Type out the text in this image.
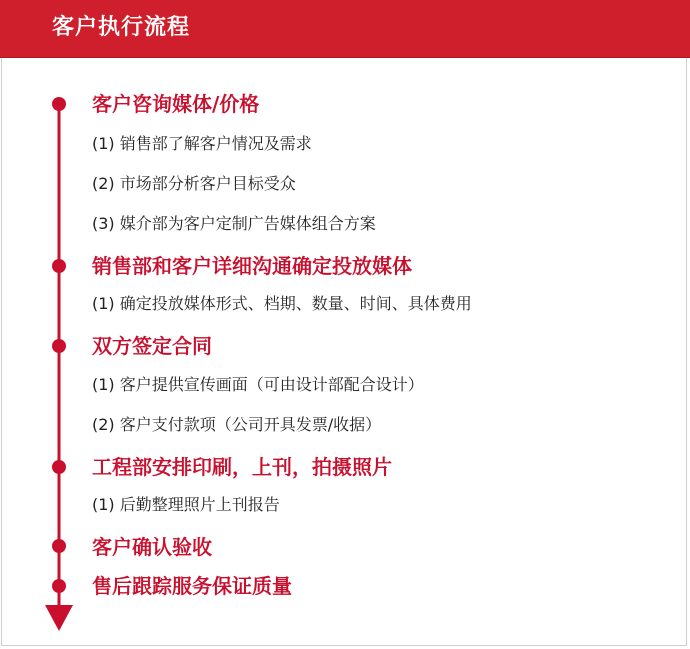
客户执行流程
客户咨询媒体/价格
(1) 销售部了解客户情况及需求
(2) 市场部分析客户目标受众
(3) 媒介部为客户定制广告媒体组合方案
销售部和客户详细沟通确定投放媒体
(1) 确定投放媒体形式、档期、数量、时间、具体费用
双方签定合同
(1) 客户提供宣传画面（可由设计部配合设计）
(2) 客户支付款项（公司开具发票/收据）
工程部安排印刷，上刊，拍摄照片
(1) 后勤整理照片上刊报告
客户确认验收
售后跟踪服务保证质量
